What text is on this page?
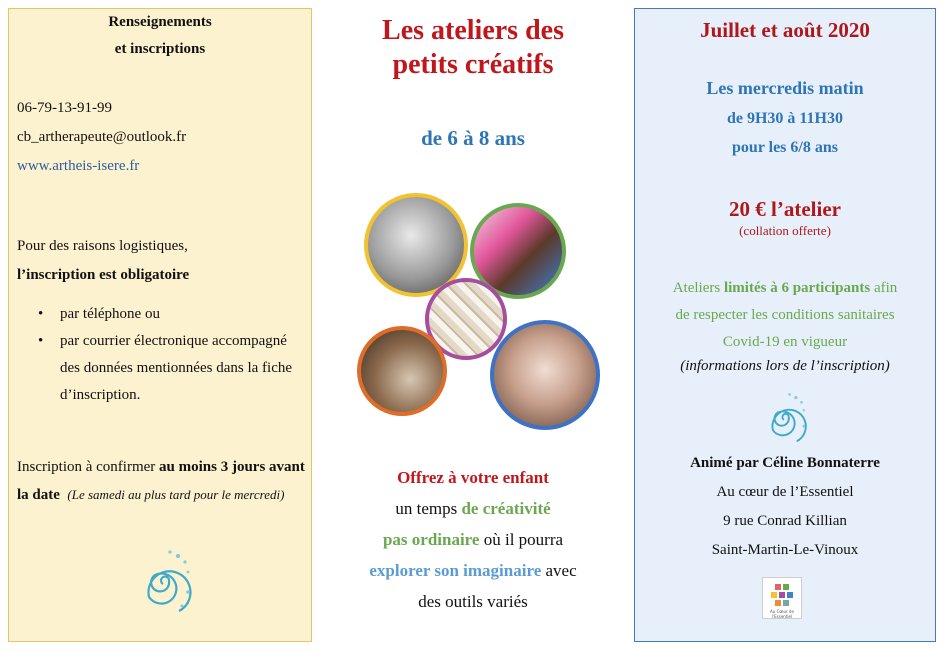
Renseignements
et inscriptions
06-79-13-91-99
cb_artherapeute@outlook.fr
www.artheis-isere.fr
Pour des raisons logistiques,
l’inscription est obligatoire
• par téléphone ou
• par courrier électronique accompagné des données mentionnées dans la fiche d’inscription.
Inscription à confirmer au moins 3 jours avant la date (Le samedi au plus tard pour le mercredi)
Les ateliers des
petits créatifs
de 6 à 8 ans
Offrez à votre enfant
un temps de créativité
pas ordinaire où il pourra
explorer son imaginaire avec
des outils variés
Juillet et août 2020
Les mercredis matin
de 9H30 à 11H30
pour les 6/8 ans
20 € l’atelier
(collation offerte)
Ateliers limités à 6 participants afin
de respecter les conditions sanitaires
Covid-19 en vigueur
(informations lors de l’inscription)
Animé par Céline Bonnaterre
Au cœur de l’Essentiel
9 rue Conrad Killian
Saint-Martin-Le-Vinoux
Au Cœur de l'Essentiel
